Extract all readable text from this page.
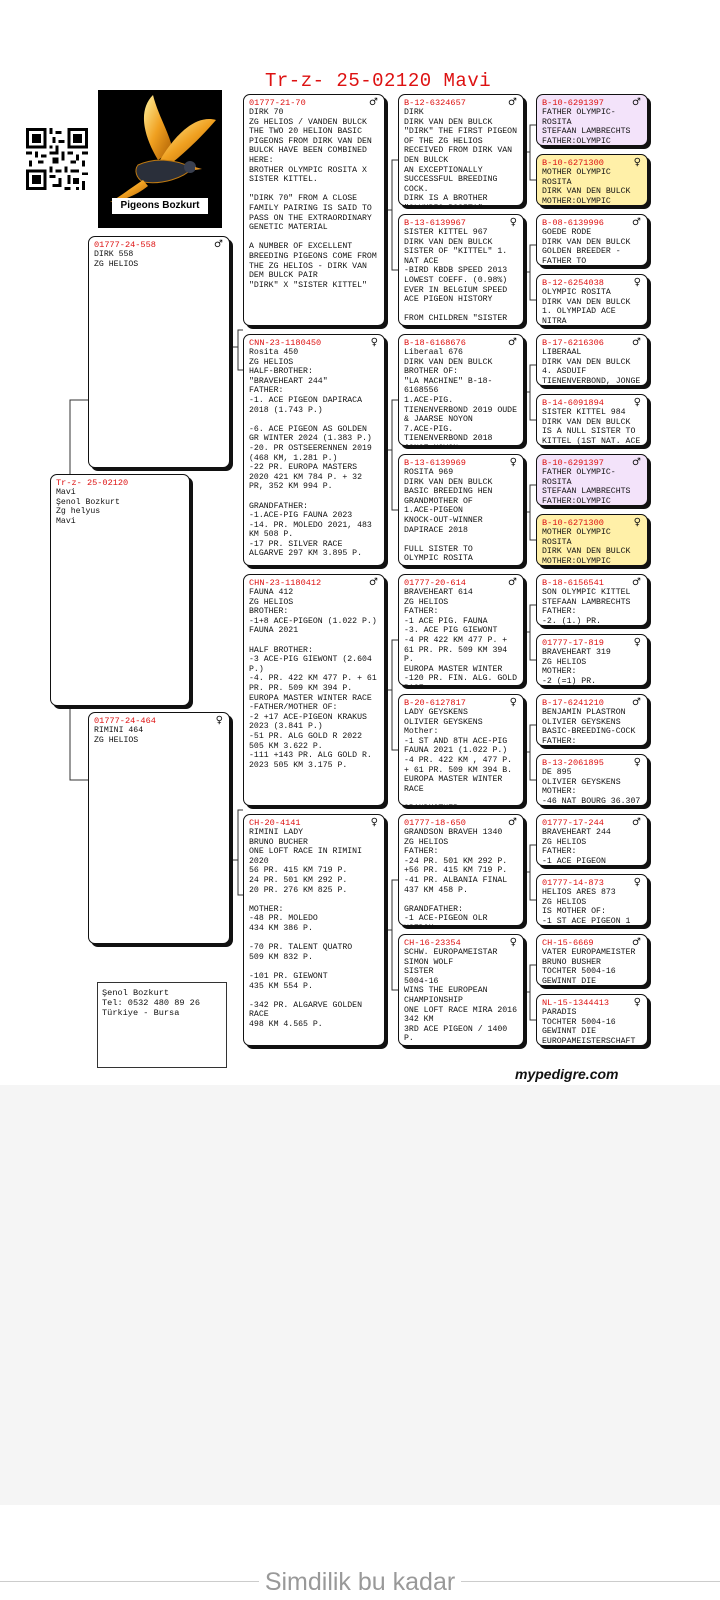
Tr-z- 25-02120 Mavi
Pigeons Bozkurt
Tr-z- 25-02120
Mavi
Şenol Bozkurt
Zg helyus
Mavi
♂
01777-24-558
DIRK 558
ZG HELIOS
♀
01777-24-464
RIMINI 464
ZG HELIOS
♂
01777-21-70
DIRK 70
ZG HELIOS / VANDEN BULCK
THE TWO 20 HELION BASIC PIGEONS FROM DIRK VAN DEN BULCK HAVE BEEN COMBINED HERE:
BROTHER OLYMPIC ROSITA X SISTER KITTEL.

"DIRK 70" FROM A CLOSE FAMILY PAIRING IS SAID TO PASS ON THE EXTRAORDINARY GENETIC MATERIAL

A NUMBER OF EXCELLENT BREEDING PIGEONS COME FROM THE ZG HELIOS - DIRK VAN DEM BULCK PAIR
"DIRK" X "SISTER KITTEL"
♀
CNN-23-1180450
Rosita 450
ZG HELIOS
HALF-BROTHER:
"BRAVEHEART 244"
FATHER:
-1. ACE PIGEON DAPIRACA 2018 (1.743 P.)

-6. ACE PIGEON AS GOLDEN GR WINTER 2024 (1.383 P.)
-20. PR OSTSEERENNEN 2019 (468 KM, 1.281 P.)
-22 PR. EUROPA MASTERS 2020 421 KM 784 P. + 32 PR, 352 KM 994 P.

GRANDFATHER:
-1.ACE-PIG FAUNA 2023
-14. PR. MOLEDO 2021, 483 KM 508 P.
-17 PR. SILVER RACE ALGARVE 297 KM 3.895 P.
♂
CHN-23-1180412
FAUNA 412
ZG HELIOS
BROTHER:
-1+8 ACE-PIGEON (1.022 P.)
FAUNA 2021

HALF BROTHER:
-3 ACE-PIG GIEWONT (2.604 P.)
-4. PR. 422 KM 477 P. + 61 PR. PR. 509 KM 394 P.
EUROPA MASTER WINTER RACE
-FATHER/MOTHER OF:
-2 +17 ACE-PIGEON KRAKUS 2023 (3.841 P.)
-51 PR. ALG GOLD R 2022 505 KM 3.622 P.
-111 +143 PR. ALG GOLD R. 2023 505 KM 3.175 P.
♀
CH-20-4141
RIMINI LADY
BRUNO BUCHER
ONE LOFT RACE IN RIMINI 2020
56 PR. 415 KM 719 P.
24 PR. 501 KM 292 P.
20 PR. 276 KM 825 P.

MOTHER:
-48 PR. MOLEDO
434 KM 386 P.

-70 PR. TALENT QUATRO
509 KM 832 P.

-101 PR. GIEWONT
435 KM 554 P.

-342 PR. ALGARVE GOLDEN RACE
498 KM 4.565 P.
♂
B-12-6324657
DIRK
DIRK VAN DEN BULCK
"DIRK" THE FIRST PIGEON OF THE ZG HELIOS RECEIVED FROM DIRK VAN DEN BULCK
AN EXCEPTIONALLY SUCCESSFUL BREEDING COCK.
DIRK IS A BROTHER

♀
B-13-6139967
SISTER KITTEL 967
DIRK VAN DEN BULCK
SISTER OF "KITTEL" 1. NAT ACE
-BIRD KBDB SPEED 2013
LOWEST COEFF. (0.98%) EVER IN BELGIUM SPEED ACE PIGEON HISTORY

FROM CHILDREN "SISTER
♂
B-18-6168676
Liberaal 676
DIRK VAN DEN BULCK
BROTHER OF:
"LA MACHINE" B-18-6168556
1.ACE-PIG. TIENENVERBOND 2019 OUDE & JAARSE NOYON
7.ACE-PIG. TIENENVERBOND 2018

♀
B-13-6139969
ROSITA 969
DIRK VAN DEN BULCK
BASIC BREEDING HEN
GRANDMOTHER OF
1.ACE-PIGEON
KNOCK-OUT-WINNER DAPIRACE 2018

FULL SISTER TO
OLYMPIC ROSITA
♂
01777-20-614
BRAVEHEART 614
ZG HELIOS
FATHER:
-1 ACE PIG. FAUNA
-3. ACE PIG GIEWONT
-4 PR 422 KM 477 P. + 61 PR. PR. 509 KM 394 P.
EUROPA MASTER WINTER
-120 PR. FIN. ALG. GOLD
♀
B-20-6127817
LADY GEYSKENS
OLIVIER GEYSKENS
Mother:
-1 ST AND 8TH ACE-PIG FAUNA 2021 (1.022 P.)
-4 PR. 422 KM , 477 P. + 61 PR. 509 KM 394 B.
EUROPA MASTER WINTER RACE

♂
01777-18-650
GRANDSON BRAVEH 1340
ZG HELIOS
FATHER:
-24 PR. 501 KM 292 P.
+56 PR. 415 KM 719 P.
-41 PR. ALBANIA FINAL 437 KM 458 P.

GRANDFATHER:
-1 ACE-PIGEON OLR
♀
CH-16-23354
SCHW. EUROPAMEISTAR
SIMON WOLF
SISTER
5004-16
WINS THE EUROPEAN CHAMPIONSHIP
ONE LOFT RACE MIRA 2016 342 KM
3RD ACE PIGEON / 1400 P.
♂
B-10-6291397
FATHER OLYMPIC-ROSITA
STEFAAN LAMBRECHTS
FATHER:OLYMPIC

♀
B-10-6271300
MOTHER OLYMPIC ROSITA
DIRK VAN DEN BULCK
MOTHER:OLYMPIC

♂
B-08-6139996
GOEDE RODE
DIRK VAN DEN BULCK
GOLDEN BREEDER - FATHER TO
♀
B-12-6254038
OLYMPIC ROSITA
DIRK VAN DEN BULCK
1. OLYMPIAD ACE NITRA

♂
B-17-6216306
LIBERAAL
DIRK VAN DEN BULCK
4. ASDUIF TIENENVERBOND, JONGE
♀
B-14-6091894
SISTER KITTEL 984
DIRK VAN DEN BULCK
IS A NULL SISTER TO KITTEL (1ST NAT. ACE
♂
B-10-6291397
FATHER OLYMPIC-ROSITA
STEFAAN LAMBRECHTS
FATHER:OLYMPIC

♀
B-10-6271300
MOTHER OLYMPIC ROSITA
DIRK VAN DEN BULCK
MOTHER:OLYMPIC

♂
B-18-6156541
SON OLYMPIC KITTEL
STEFAAN LAMBRECHTS
FATHER:
-2. (1.) PR.
♀
01777-17-819
BRAVEHEART 319
ZG HELIOS
MOTHER:
-2 (=1) PR.
♂
B-17-6241210
BENJAMIN PLASTRON
OLIVIER GEYSKENS
BASIC-BREEDING-COCK
FATHER:
♀
B-13-2061895
DE 895
OLIVIER GEYSKENS
MOTHER:
-46 NAT BOURG 36.307
♂
01777-17-244
BRAVEHEART 244
ZG HELIOS
FATHER:
-1 ACE PIGEON
♀
01777-14-873
HELIOS ARES 873
ZG HELIOS
IS MOTHER OF:
-1 ST ACE PIGEON 1
♂
CH-15-6669
VATER EUROPAMEISTER
BRUNO BUSHER
TOCHTER 5004-16
GEWINNT DIE
♀
NL-15-1344413
PARADIS
TOCHTER 5004-16
GEWINNT DIE
EUROPAMEISTERSCHAFT
Şenol Bozkurt
Tel: 0532 480 89 26
Türkiye - Bursa
mypedigre.com
Simdilik bu kadar
